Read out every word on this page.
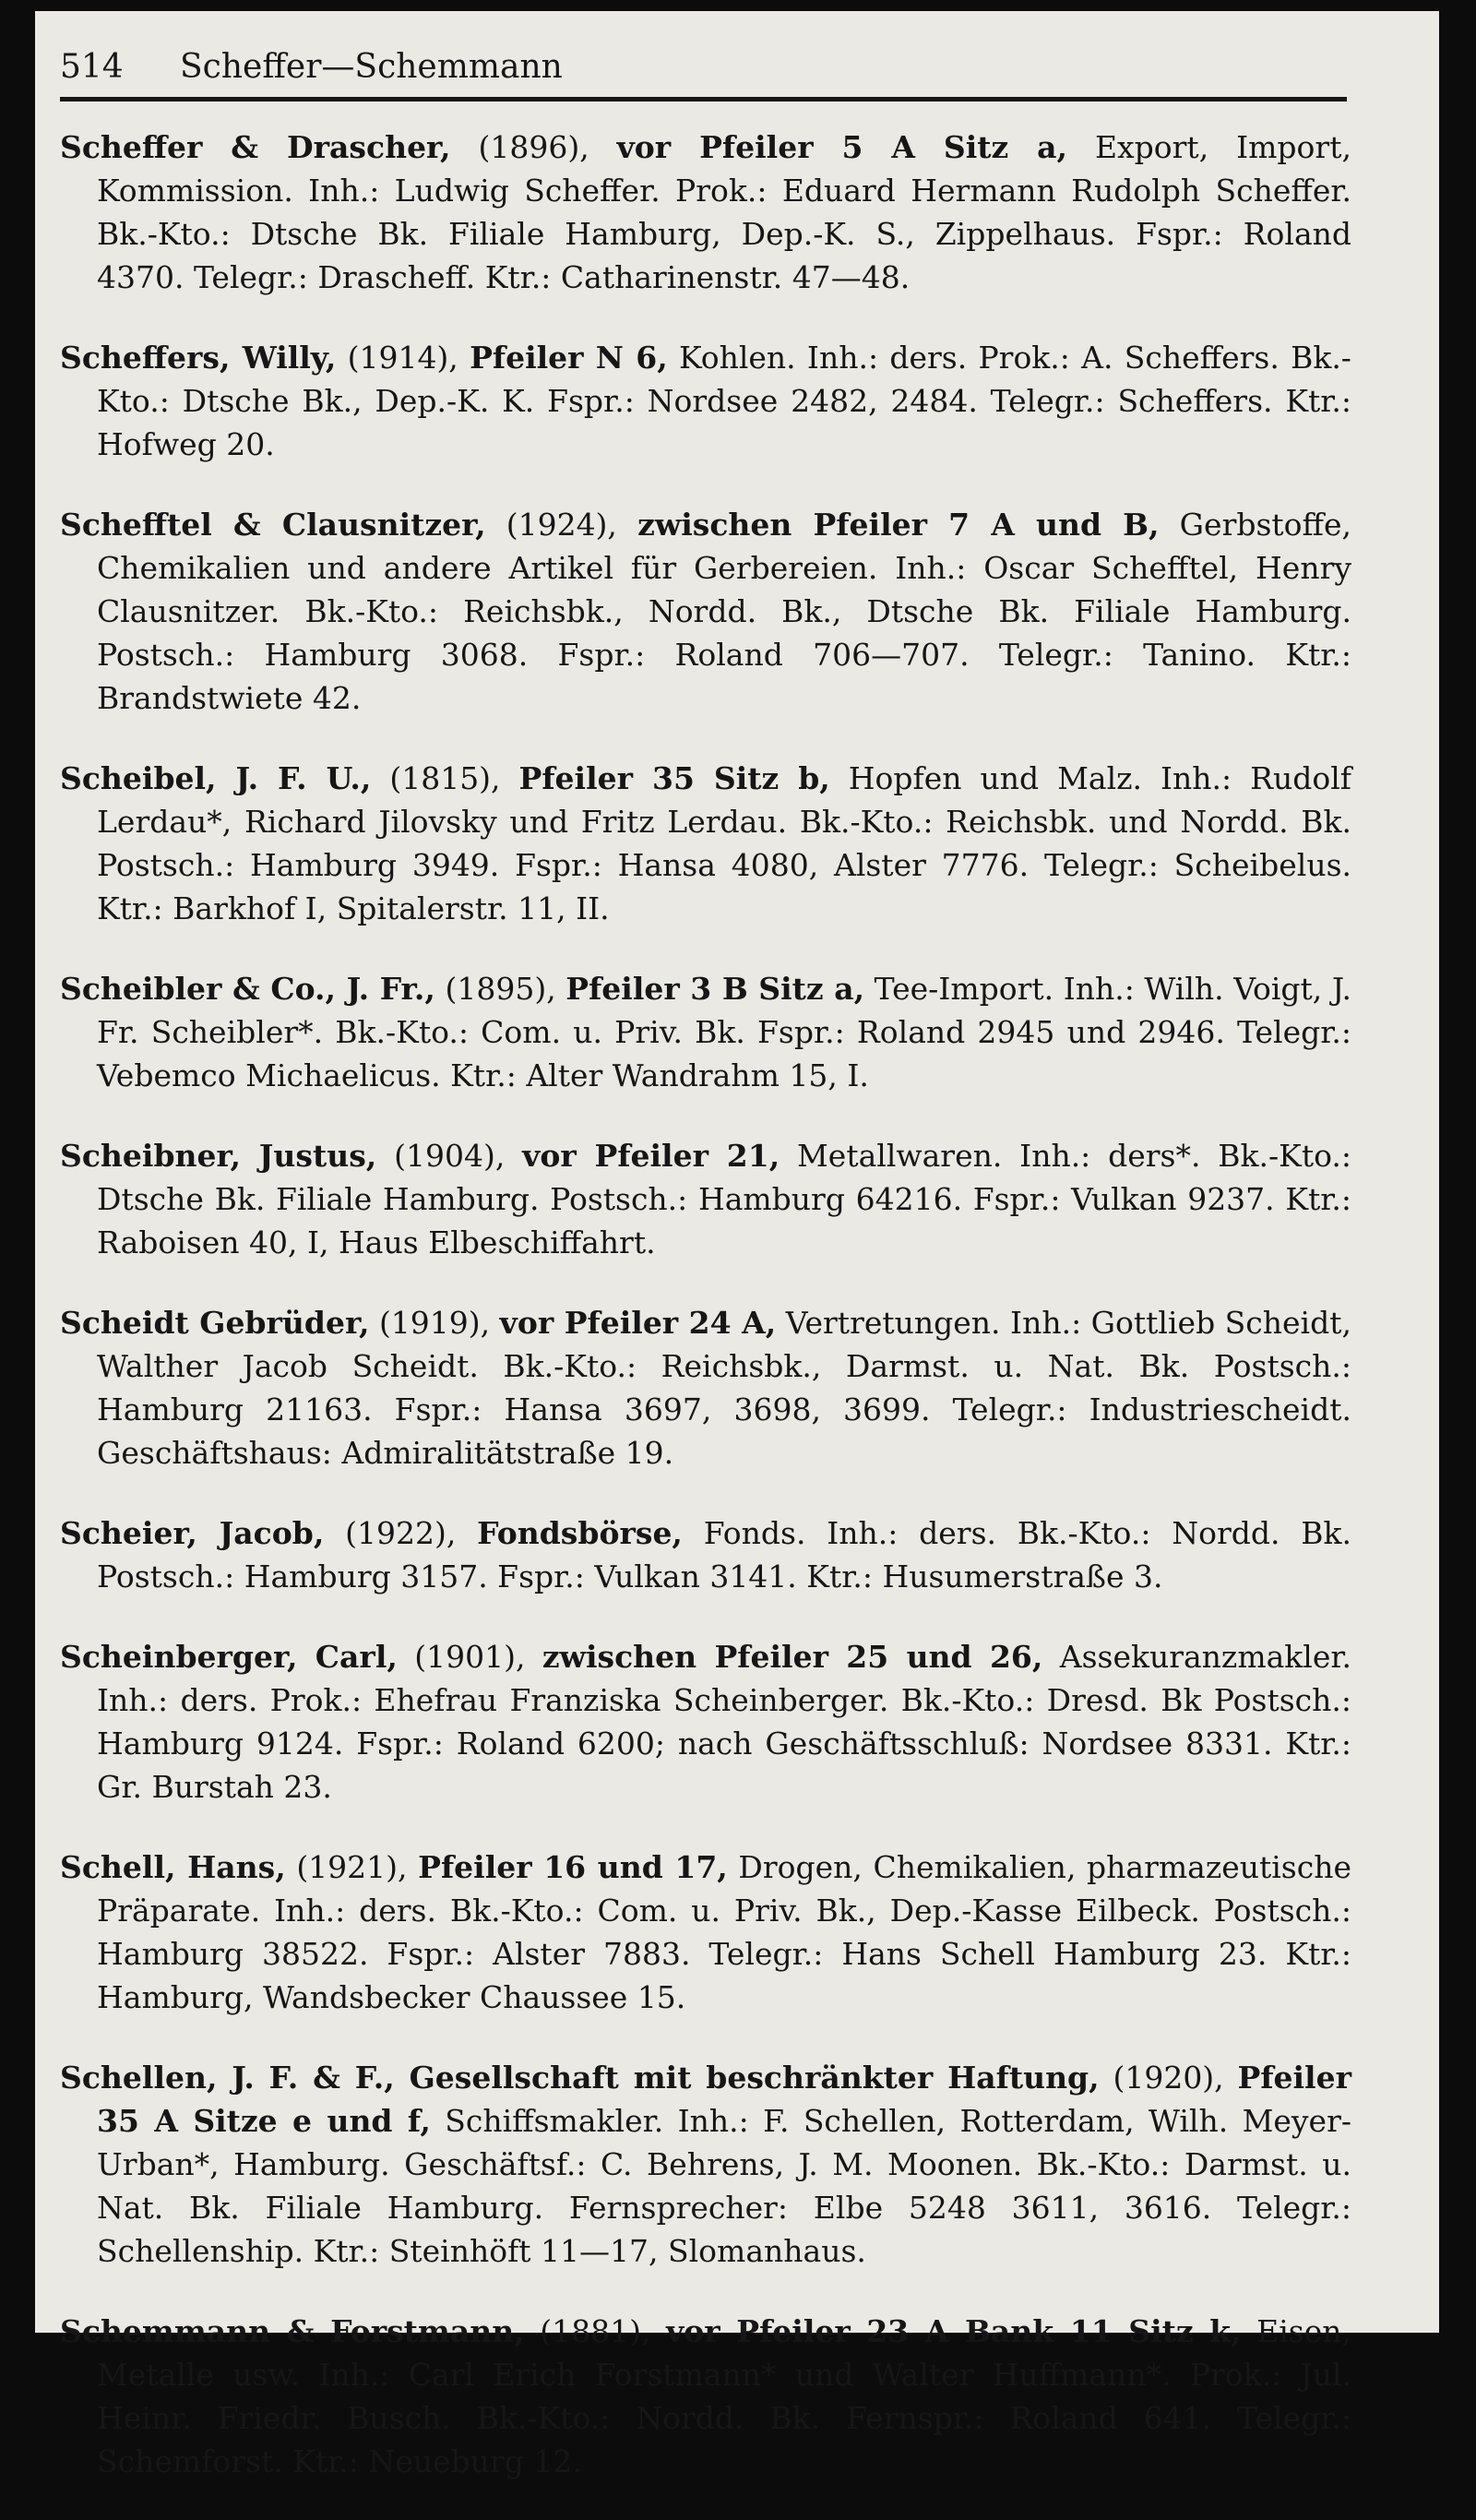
514 Scheffer—Schemmann
Scheffer & Drascher, (1896), vor Pfeiler 5 A Sitz a, Export, Import, Kommission. Inh.: Ludwig Scheffer. Prok.: Eduard Hermann Rudolph Scheffer. Bk.-Kto.: Dtsche Bk. Filiale Hamburg, Dep.-K. S., Zippelhaus. Fspr.: Roland 4370. Telegr.: Drascheff. Ktr.: Catharinenstr. 47—48.
Scheffers, Willy, (1914), Pfeiler N 6, Kohlen. Inh.: ders. Prok.: A. Scheffers. Bk.-Kto.: Dtsche Bk., Dep.-K. K. Fspr.: Nordsee 2482, 2484. Telegr.: Scheffers. Ktr.: Hofweg 20.
Schefftel & Clausnitzer, (1924), zwischen Pfeiler 7 A und B, Gerbstoffe, Chemikalien und andere Artikel für Gerbereien. Inh.: Oscar Schefftel, Henry Clausnitzer. Bk.-Kto.: Reichsbk., Nordd. Bk., Dtsche Bk. Filiale Hamburg. Postsch.: Hamburg 3068. Fspr.: Roland 706—707. Telegr.: Tanino. Ktr.: Brandstwiete 42.
Scheibel, J. F. U., (1815), Pfeiler 35 Sitz b, Hopfen und Malz. Inh.: Rudolf Lerdau*, Richard Jilovsky und Fritz Lerdau. Bk.-Kto.: Reichsbk. und Nordd. Bk. Postsch.: Hamburg 3949. Fspr.: Hansa 4080, Alster 7776. Telegr.: Scheibelus. Ktr.: Barkhof I, Spitalerstr. 11, II.
Scheibler & Co., J. Fr., (1895), Pfeiler 3 B Sitz a, Tee-Import. Inh.: Wilh. Voigt, J. Fr. Scheibler*. Bk.-Kto.: Com. u. Priv. Bk. Fspr.: Roland 2945 und 2946. Telegr.: Vebemco Michaelicus. Ktr.: Alter Wandrahm 15, I.
Scheibner, Justus, (1904), vor Pfeiler 21, Metallwaren. Inh.: ders*. Bk.-Kto.: Dtsche Bk. Filiale Hamburg. Postsch.: Hamburg 64216. Fspr.: Vulkan 9237. Ktr.: Raboisen 40, I, Haus Elbeschiffahrt.
Scheidt Gebrüder, (1919), vor Pfeiler 24 A, Vertretungen. Inh.: Gottlieb Scheidt, Walther Jacob Scheidt. Bk.-Kto.: Reichsbk., Darmst. u. Nat. Bk. Postsch.: Hamburg 21163. Fspr.: Hansa 3697, 3698, 3699. Telegr.: Industriescheidt. Geschäftshaus: Admiralitätstraße 19.
Scheier, Jacob, (1922), Fondsbörse, Fonds. Inh.: ders. Bk.-Kto.: Nordd. Bk. Postsch.: Hamburg 3157. Fspr.: Vulkan 3141. Ktr.: Husumerstraße 3.
Scheinberger, Carl, (1901), zwischen Pfeiler 25 und 26, Assekuranzmakler. Inh.: ders. Prok.: Ehefrau Franziska Scheinberger. Bk.-Kto.: Dresd. Bk Postsch.: Hamburg 9124. Fspr.: Roland 6200; nach Geschäftsschluß: Nordsee 8331. Ktr.: Gr. Burstah 23.
Schell, Hans, (1921), Pfeiler 16 und 17, Drogen, Chemikalien, pharmazeutische Präparate. Inh.: ders. Bk.-Kto.: Com. u. Priv. Bk., Dep.-Kasse Eilbeck. Postsch.: Hamburg 38522. Fspr.: Alster 7883. Telegr.: Hans Schell Hamburg 23. Ktr.: Hamburg, Wandsbecker Chaussee 15.
Schellen, J. F. & F., Gesellschaft mit beschränkter Haftung, (1920), Pfeiler 35 A Sitze e und f, Schiffsmakler. Inh.: F. Schellen, Rotterdam, Wilh. Meyer-Urban*, Hamburg. Geschäftsf.: C. Behrens, J. M. Moonen. Bk.-Kto.: Darmst. u. Nat. Bk. Filiale Hamburg. Fernsprecher: Elbe 5248 3611, 3616. Telegr.: Schellenship. Ktr.: Steinhöft 11—17, Slomanhaus.
Schemmann & Forstmann, (1881), vor Pfeiler 23 A Bank 11 Sitz k, Eisen, Metalle usw. Inh.: Carl Erich Forstmann* und Walter Huffmann*. Prok.: Jul. Heinr. Friedr. Busch. Bk.-Kto.: Nordd. Bk. Fernspr.: Roland 641. Telegr.: Schemforst. Ktr.: Neueburg 12.
